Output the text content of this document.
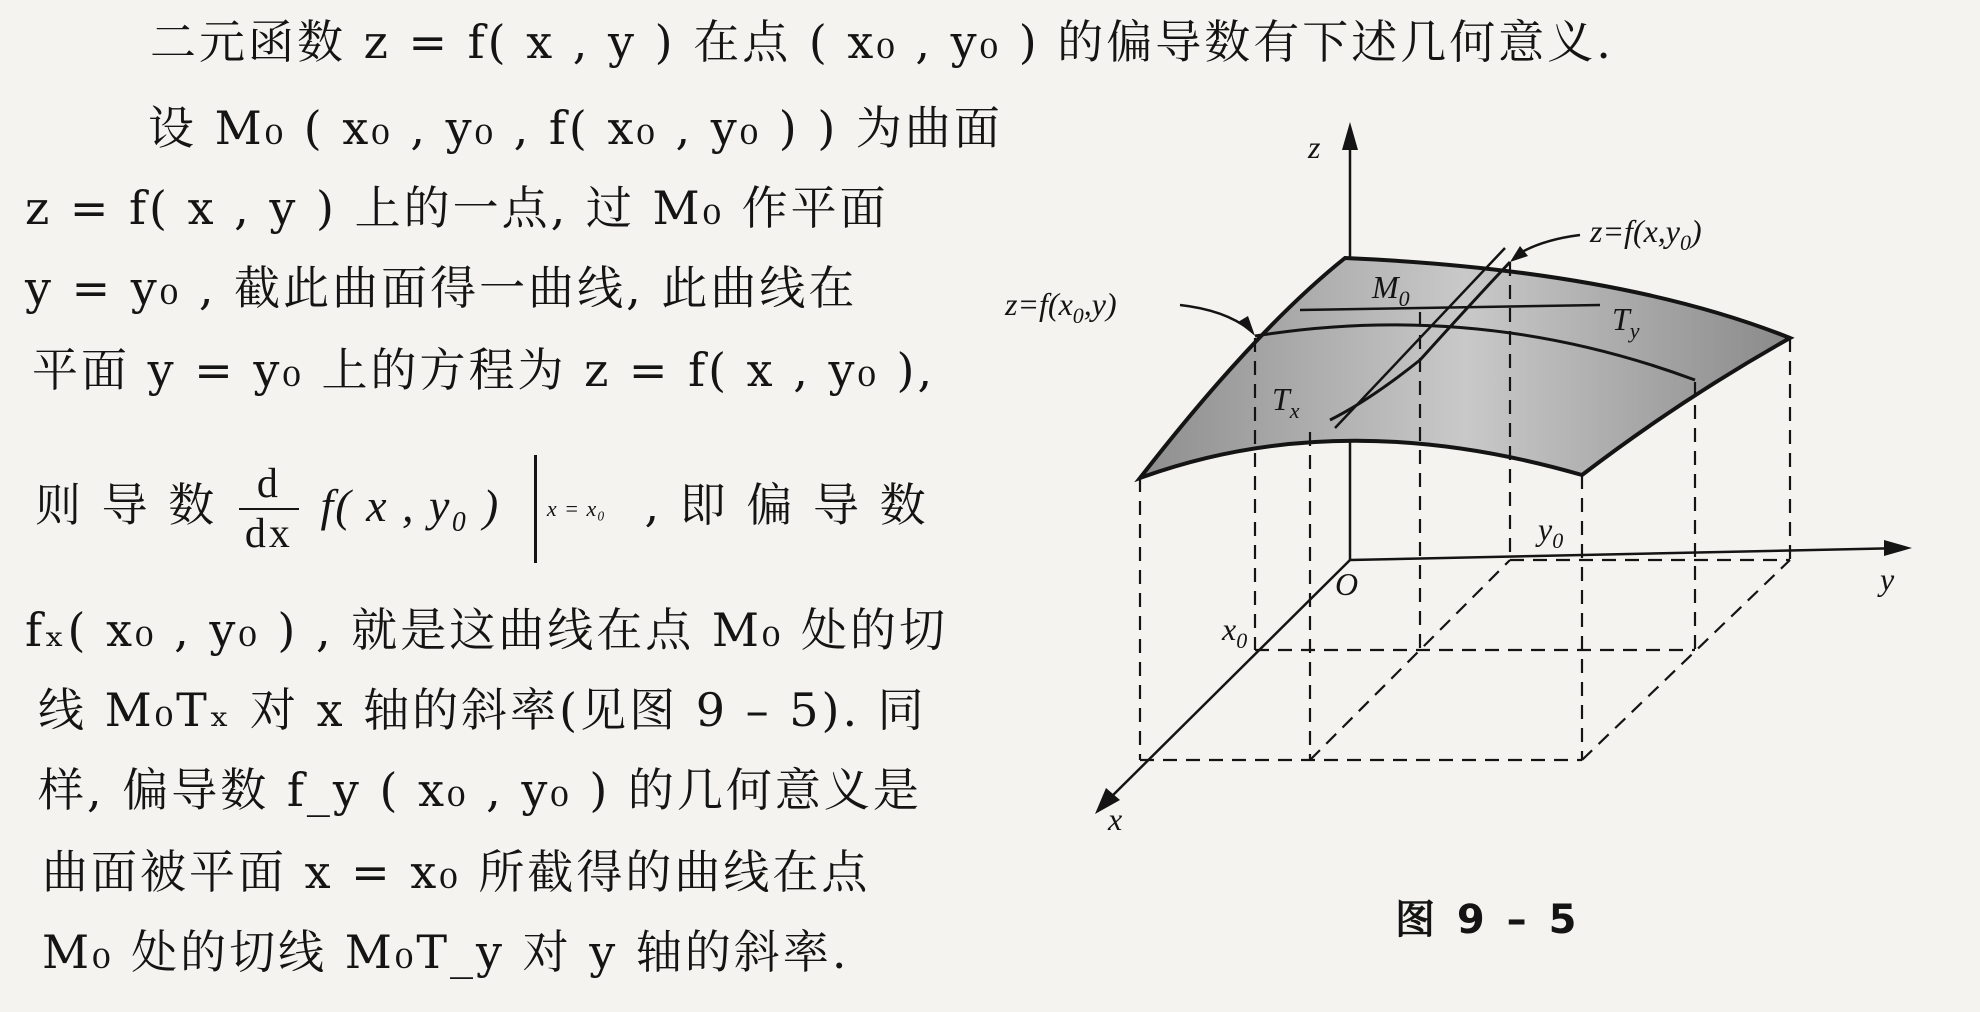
二元函数 z = f( x , y ) 在点 ( x₀ , y₀ ) 的偏导数有下述几何意义.
设 M₀ ( x₀ , y₀ , f( x₀ , y₀ ) ) 为曲面
z = f( x , y ) 上的一点, 过 M₀ 作平面
y = y₀ , 截此曲面得一曲线, 此曲线在
平面 y = y₀ 上的方程为 z = f( x , y₀ ),
则 导 数 $\frac{d}{dx} f$( x , y₀ ) x = x₀ , 即 偏 导 数
fₓ( x₀ , y₀ ) , 就是这曲线在点 M₀ 处的切
线 M₀Tₓ 对 x 轴的斜率(见图 9 – 5). 同
样, 偏导数 f_y ( x₀ , y₀ ) 的几何意义是
曲面被平面 x = x₀ 所截得的曲线在点
M₀ 处的切线 M₀T_y 对 y 轴的斜率.
z
y
x
O
$x_0$
$y_0$
$M_0$
$T_x$
$T_y$
$z=f(x,y_0)$
$z=f(x_0,y)$
图 9 – 5
